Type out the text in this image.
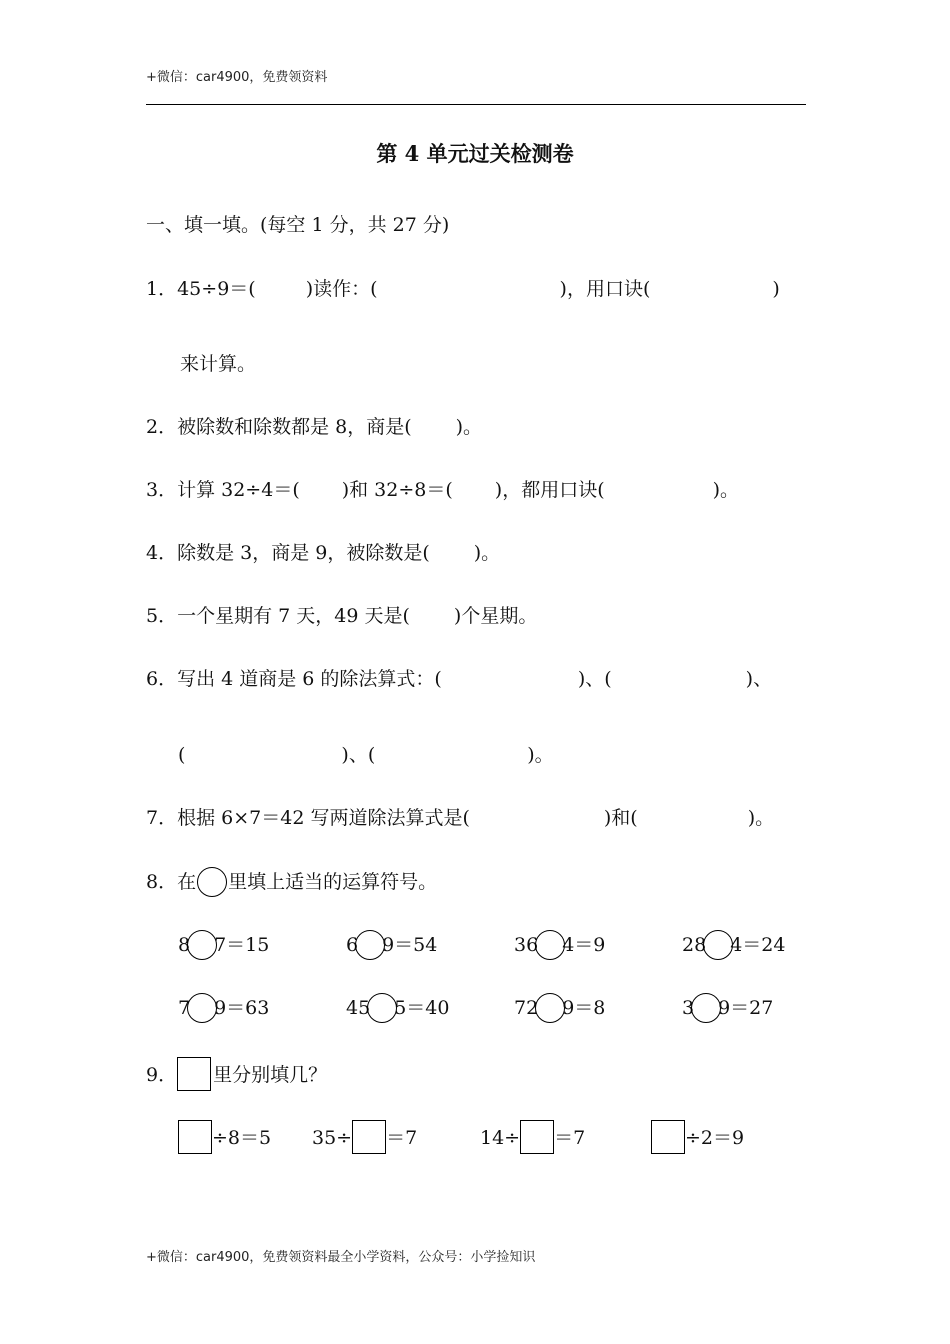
+微信：car4900，免费领资料
第 4 单元过关检测卷
一、填一填。(每空 1 分，共 27 分)
1．45÷9＝(	)读作：(	)，用口诀(	)
来计算。
2．被除数和除数都是 8，商是( )。
3．计算 32÷4＝( )和 32÷8＝( )，都用口诀(	)。
4．除数是 3，商是 9，被除数是( )。
5．一个星期有 7 天，49 天是( )个星期。
6．写出 4 道商是 6 的除法算式：(	)、(	)、
(	)、(	)。
7．根据 6×7＝42 写两道除法算式是(	)和(	)。
8．在 里填上适当的运算符号。
8 7＝15	6 9＝54	36 4＝9	28 4＝24
7 9＝63	45 5＝40	72 9＝8	3 9＝27
9． 里分别填几？
÷8＝5 35÷ ＝7	14÷ ＝7	÷2＝9
+微信：car4900，免费领资料最全小学资料，公众号：小学捡知识
